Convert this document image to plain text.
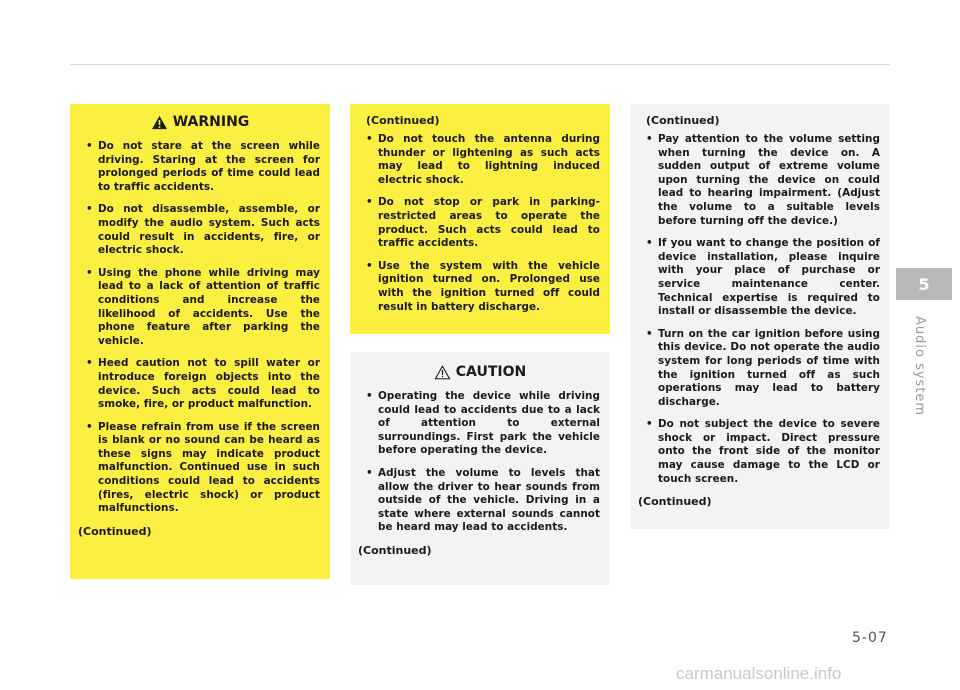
WARNING
• Do not stare at the screen while driving. Staring at the screen for prolonged periods of time could lead to traffic accidents.
• Do not disassemble, assemble, or modify the audio system. Such acts could result in accidents, fire, or electric shock.
• Using the phone while driving may lead to a lack of attention of traffic conditions and increase the likelihood of accidents. Use the phone feature after parking the vehicle.
• Heed caution not to spill water or introduce foreign objects into the device. Such acts could lead to smoke, fire, or product malfunction.
• Please refrain from use if the screen is blank or no sound can be heard as these signs may indicate product malfunction. Continued use in such conditions could lead to accidents (fires, electric shock) or product malfunctions.
(Continued)
(Continued)
• Do not touch the antenna during thunder or lightening as such acts may lead to lightning induced electric shock.
• Do not stop or park in parking-restricted areas to operate the product. Such acts could lead to traffic accidents.
• Use the system with the vehicle ignition turned on. Prolonged use with the ignition turned off could result in battery discharge.
CAUTION
• Operating the device while driving could lead to accidents due to a lack of attention to external surroundings. First park the vehicle before operating the device.
• Adjust the volume to levels that allow the driver to hear sounds from outside of the vehicle. Driving in a state where external sounds cannot be heard may lead to accidents.
(Continued)
(Continued)
• Pay attention to the volume setting when turning the device on. A sudden output of extreme volume upon turning the device on could lead to hearing impairment. (Adjust the volume to a suitable levels before turning off the device.)
• If you want to change the position of device installation, please inquire with your place of purchase or service maintenance center. Technical expertise is required to install or disassemble the device.
• Turn on the car ignition before using this device. Do not operate the audio system for long periods of time with the ignition turned off as such operations may lead to battery discharge.
• Do not subject the device to severe shock or impact. Direct pressure onto the front side of the monitor may cause damage to the LCD or touch screen.
(Continued)
5
Audio system
5-07
carmanualsonline.info
